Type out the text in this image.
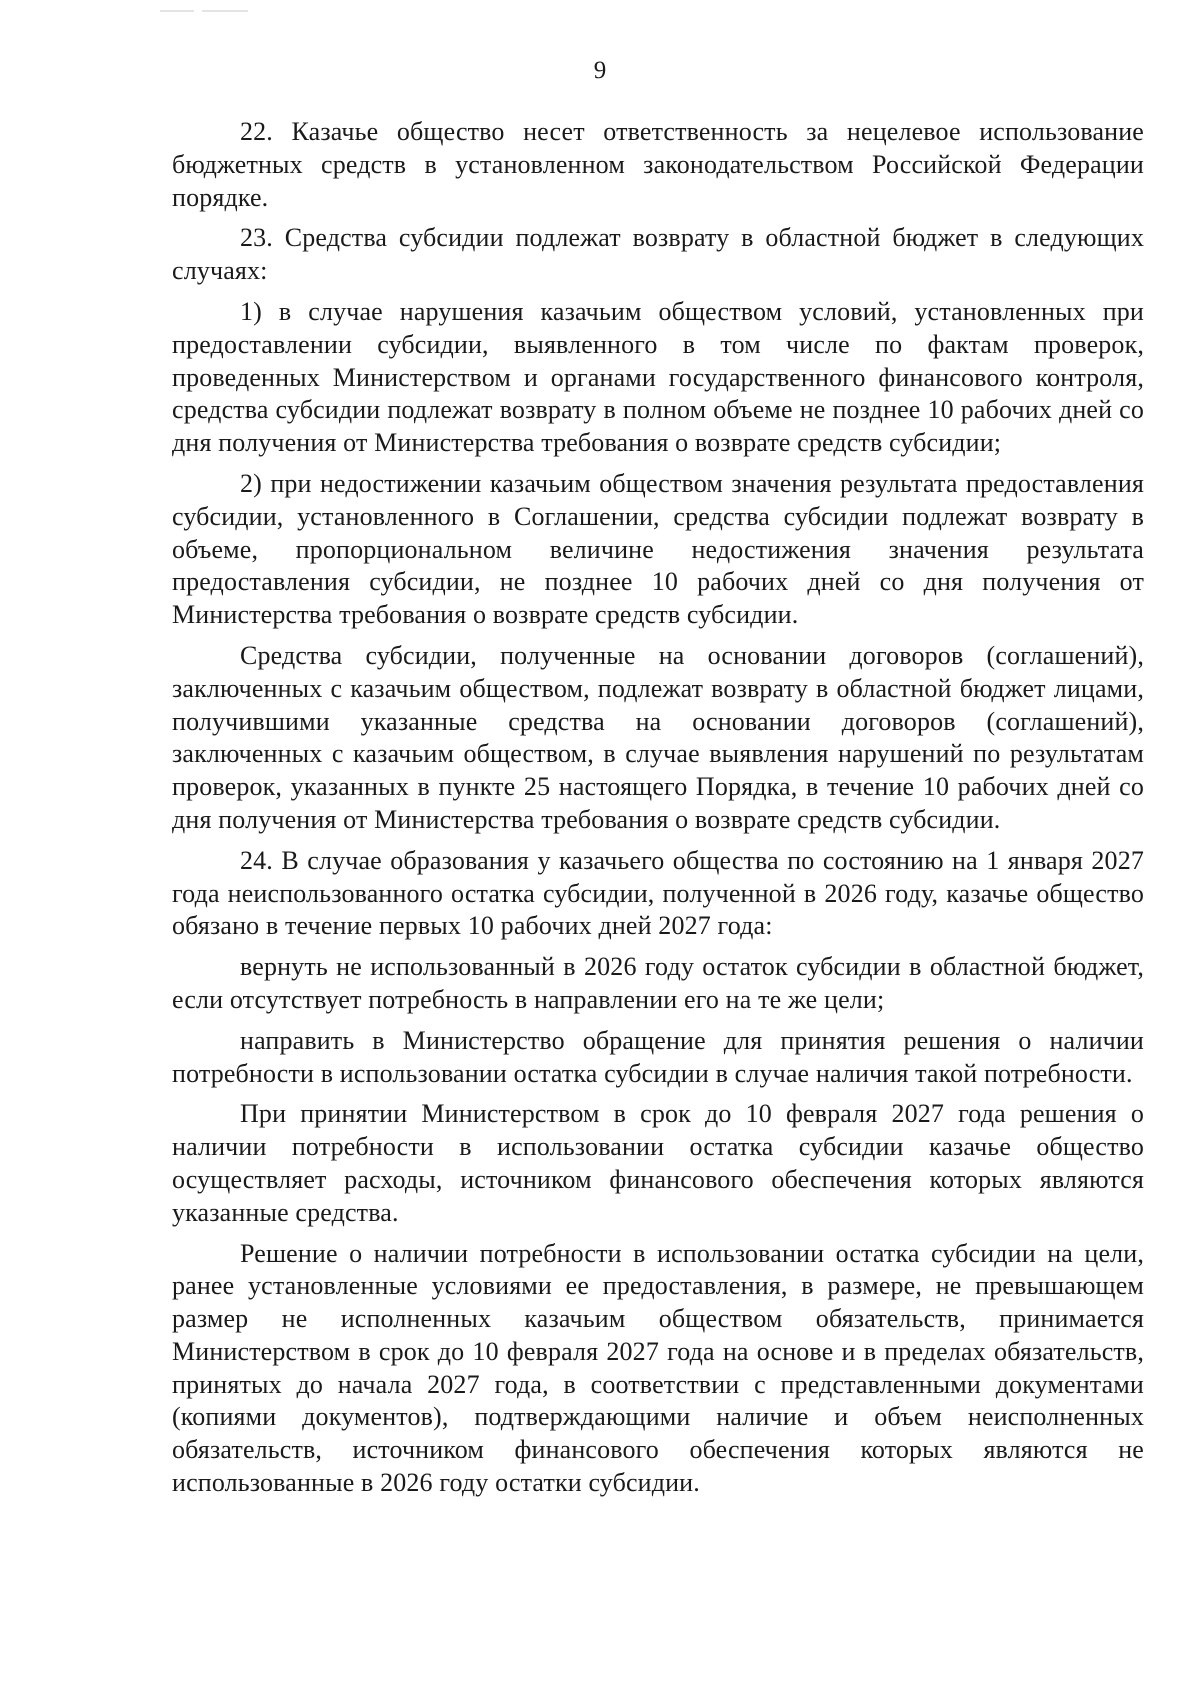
9

22. Казачье общество несет ответственность за нецелевое использование бюджетных средств в установленном законодательством Российской Федерации порядке.

23. Средства субсидии подлежат возврату в областной бюджет в следующих случаях:

1) в случае нарушения казачьим обществом условий, установленных при предоставлении субсидии, выявленного в том числе по фактам проверок, проведенных Министерством и органами государственного финансового контроля, средства субсидии подлежат возврату в полном объеме не позднее 10 рабочих дней со дня получения от Министерства требования о возврате средств субсидии;

2) при недостижении казачьим обществом значения результата предоставления субсидии, установленного в Соглашении, средства субсидии подлежат возврату в объеме, пропорциональном величине недостижения значения результата предоставления субсидии, не позднее 10 рабочих дней со дня получения от Министерства требования о возврате средств субсидии.

Средства субсидии, полученные на основании договоров (соглашений), заключенных с казачьим обществом, подлежат возврату в областной бюджет лицами, получившими указанные средства на основании договоров (соглашений), заключенных с казачьим обществом, в случае выявления нарушений по результатам проверок, указанных в пункте 25 настоящего Порядка, в течение 10 рабочих дней со дня получения от Министерства требования о возврате средств субсидии.

24. В случае образования у казачьего общества по состоянию на 1 января 2027 года неиспользованного остатка субсидии, полученной в 2026 году, казачье общество обязано в течение первых 10 рабочих дней 2027 года:

вернуть не использованный в 2026 году остаток субсидии в областной бюджет, если отсутствует потребность в направлении его на те же цели;

направить в Министерство обращение для принятия решения о наличии потребности в использовании остатка субсидии в случае наличия такой потребности.

При принятии Министерством в срок до 10 февраля 2027 года решения о наличии потребности в использовании остатка субсидии казачье общество осуществляет расходы, источником финансового обеспечения которых являются указанные средства.

Решение о наличии потребности в использовании остатка субсидии на цели, ранее установленные условиями ее предоставления, в размере, не превышающем размер не исполненных казачьим обществом обязательств, принимается Министерством в срок до 10 февраля 2027 года на основе и в пределах обязательств, принятых до начала 2027 года, в соответствии с представленными документами (копиями документов), подтверждающими наличие и объем неисполненных обязательств, источником финансового обеспечения которых являются не использованные в 2026 году остатки субсидии.
